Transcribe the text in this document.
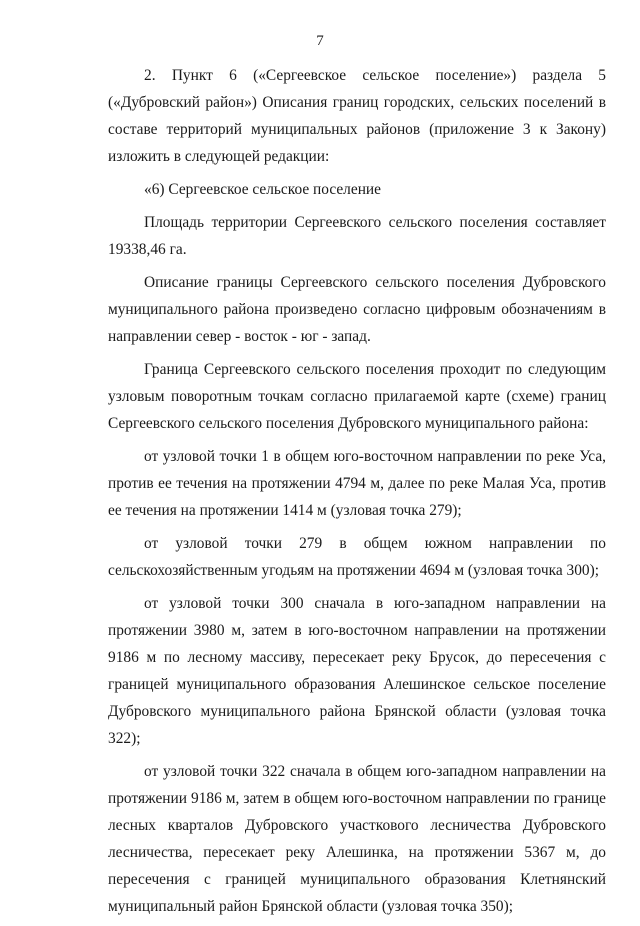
7

2. Пункт 6 («Сергеевское сельское поселение») раздела 5 («Дубровский район») Описания границ городских, сельских поселений в составе территорий муниципальных районов (приложение 3 к Закону) изложить в следующей редакции:

«6) Сергеевское сельское поселение

Площадь территории Сергеевского сельского поселения составляет 19338,46 га.

Описание границы Сергеевского сельского поселения Дубровского муниципального района произведено согласно цифровым обозначениям в направлении север - восток - юг - запад.

Граница Сергеевского сельского поселения проходит по следующим узловым поворотным точкам согласно прилагаемой карте (схеме) границ Сергеевского сельского поселения Дубровского муниципального района:

от узловой точки 1 в общем юго-восточном направлении по реке Уса, против ее течения на протяжении 4794 м, далее по реке Малая Уса, против ее течения на протяжении 1414 м (узловая точка 279);

от узловой точки 279 в общем южном направлении по сельскохозяйственным угодьям на протяжении 4694 м (узловая точка 300);

от узловой точки 300 сначала в юго-западном направлении на протяжении 3980 м, затем в юго-восточном направлении на протяжении 9186 м по лесному массиву, пересекает реку Брусок, до пересечения с границей муниципального образования Алешинское сельское поселение Дубровского муниципального района Брянской области (узловая точка 322);

от узловой точки 322 сначала в общем юго-западном направлении на протяжении 9186 м, затем в общем юго-восточном направлении по границе лесных кварталов Дубровского участкового лесничества Дубровского лесничества, пересекает реку Алешинка, на протяжении 5367 м, до пересечения с границей муниципального образования Клетнянский муниципальный район Брянской области (узловая точка 350);
